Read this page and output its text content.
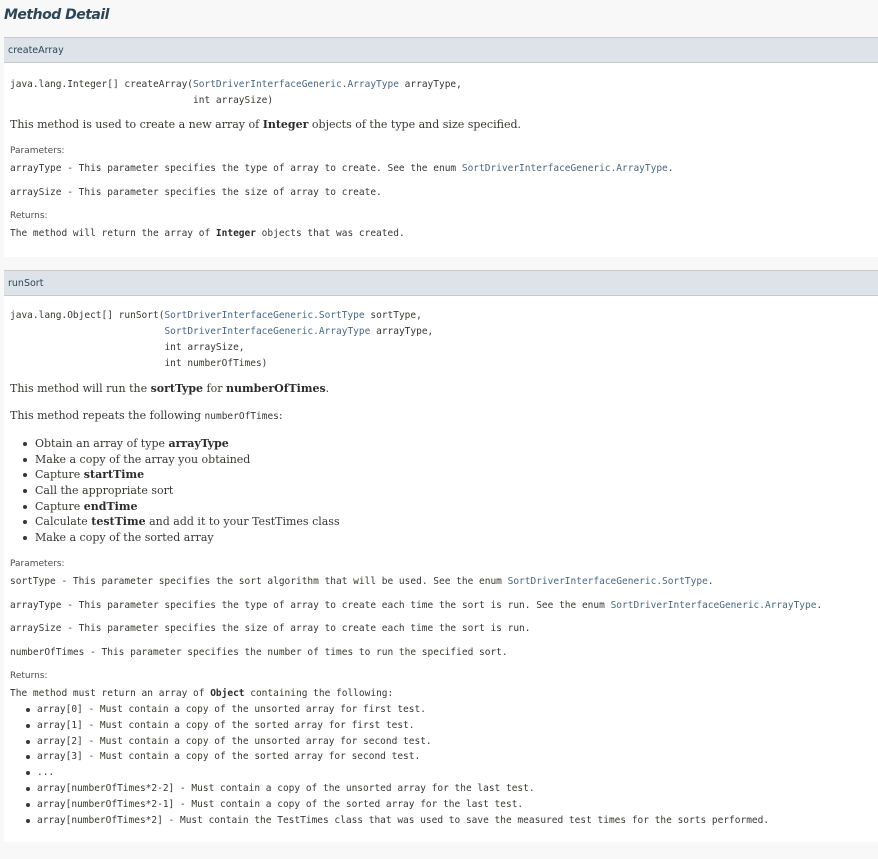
Method Detail
createArray
java.lang.Integer[] createArray(SortDriverInterfaceGeneric.ArrayType arrayType,
int arraySize)
This method is used to create a new array of Integer objects of the type and size specified.
Parameters:
arrayType - This parameter specifies the type of array to create. See the enum SortDriverInterfaceGeneric.ArrayType.
arraySize - This parameter specifies the size of array to create.
Returns:
The method will return the array of Integer objects that was created.
runSort
java.lang.Object[] runSort(SortDriverInterfaceGeneric.SortType sortType,
SortDriverInterfaceGeneric.ArrayType arrayType,
int arraySize,
int numberOfTimes)
This method will run the sortType for numberOfTimes.
This method repeats the following numberOfTimes:
Obtain an array of type arrayType
Make a copy of the array you obtained
Capture startTime
Call the appropriate sort
Capture endTime
Calculate testTime and add it to your TestTimes class
Make a copy of the sorted array
Parameters:
sortType - This parameter specifies the sort algorithm that will be used. See the enum SortDriverInterfaceGeneric.SortType.
arrayType - This parameter specifies the type of array to create each time the sort is run. See the enum SortDriverInterfaceGeneric.ArrayType.
arraySize - This parameter specifies the size of array to create each time the sort is run.
numberOfTimes - This parameter specifies the number of times to run the specified sort.
Returns:
The method must return an array of Object containing the following:
array[0] - Must contain a copy of the unsorted array for first test.
array[1] - Must contain a copy of the sorted array for first test.
array[2] - Must contain a copy of the unsorted array for second test.
array[3] - Must contain a copy of the sorted array for second test.
...
array[numberOfTimes*2-2] - Must contain a copy of the unsorted array for the last test.
array[numberOfTimes*2-1] - Must contain a copy of the sorted array for the last test.
array[numberOfTimes*2] - Must contain the TestTimes class that was used to save the measured test times for the sorts performed.
